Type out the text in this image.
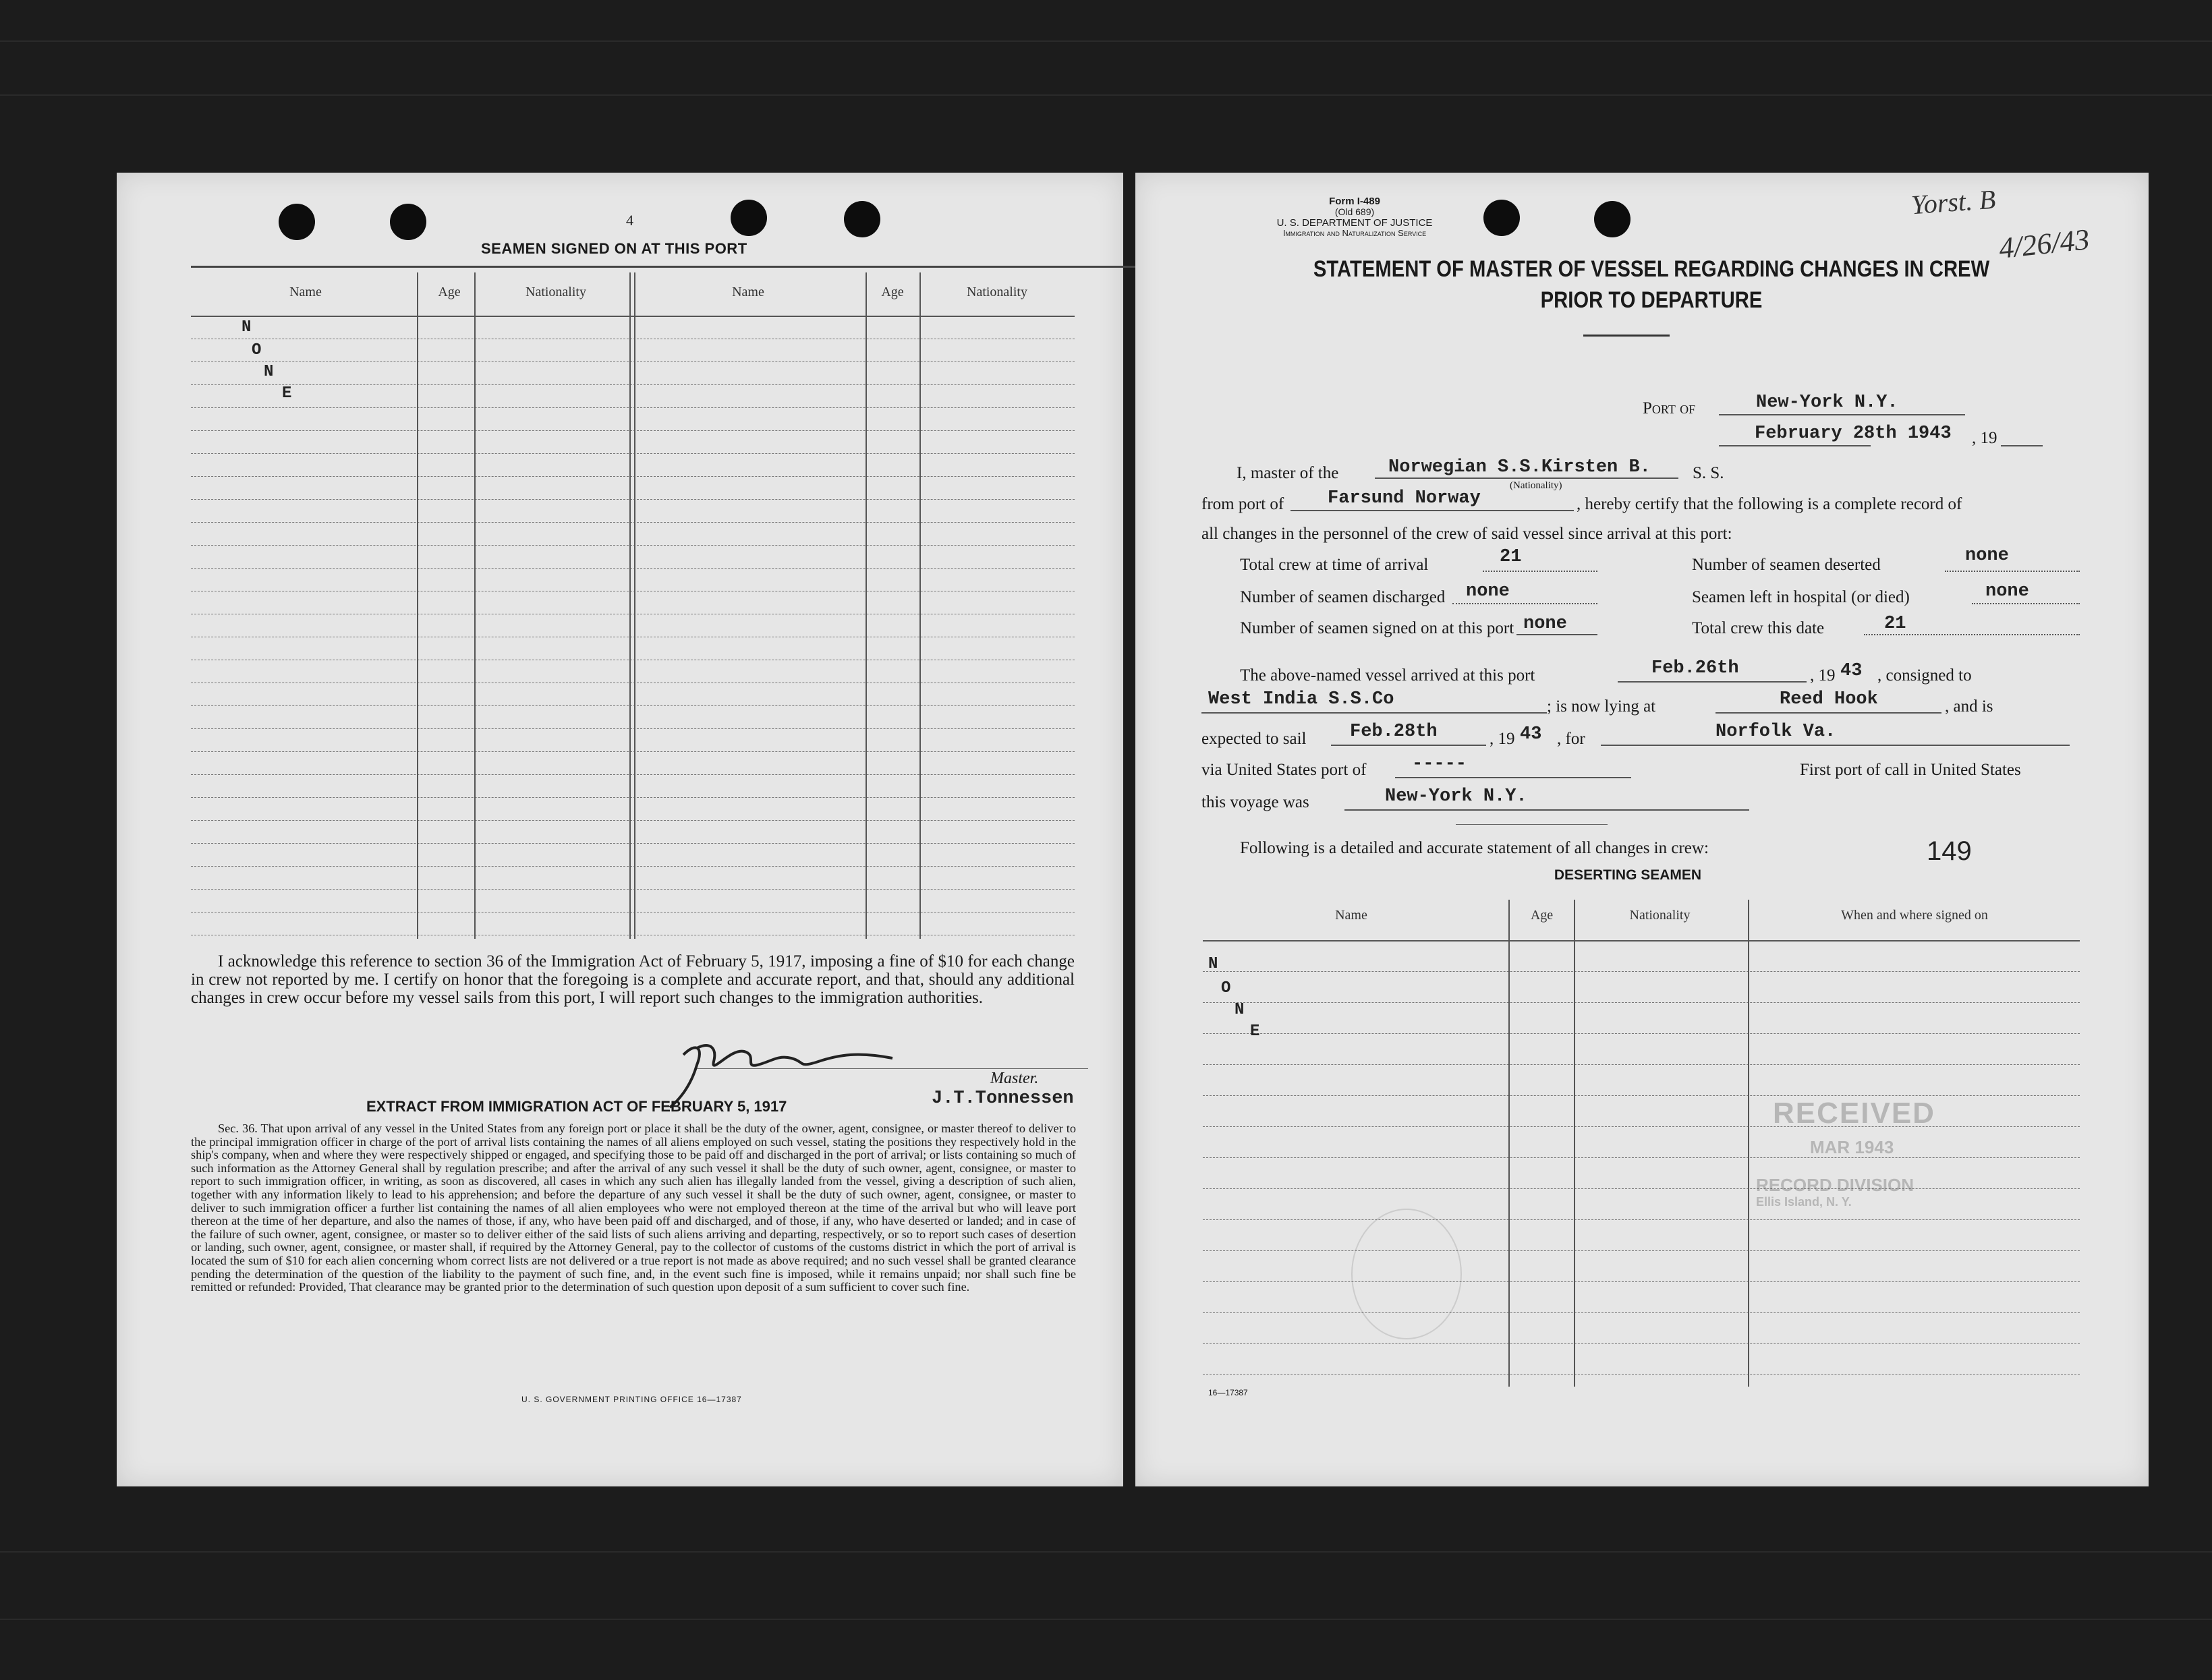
4
SEAMEN SIGNED ON AT THIS PORT
Name	Age	Nationality	Name	Age	Nationality
N
O
N
E
I acknowledge this reference to section 36 of the Immigration Act of February 5, 1917, imposing a fine of $10 for each change in crew not reported by me. I certify on honor that the foregoing is a complete and accurate report, and that, should any additional changes in crew occur before my vessel sails from this port, I will report such changes to the immigration authorities.
Master.
J.T.Tonnessen
EXTRACT FROM IMMIGRATION ACT OF FEBRUARY 5, 1917
Sec. 36. That upon arrival of any vessel in the United States from any foreign port or place it shall be the duty of the owner, agent, consignee, or master thereof to deliver to the principal immigration officer in charge of the port of arrival lists containing the names of all aliens employed on such vessel, stating the positions they respectively hold in the ship's company, when and where they were respectively shipped or engaged, and specifying those to be paid off and discharged in the port of arrival; or lists containing so much of such information as the Attorney General shall by regulation prescribe; and after the arrival of any such vessel it shall be the duty of such owner, agent, consignee, or master to report to such immigration officer, in writing, as soon as discovered, all cases in which any such alien has illegally landed from the vessel, giving a description of such alien, together with any information likely to lead to his apprehension; and before the departure of any such vessel it shall be the duty of such owner, agent, consignee, or master to deliver to such immigration officer a further list containing the names of all alien employees who were not employed thereon at the time of the arrival but who will leave port thereon at the time of her departure, and also the names of those, if any, who have been paid off and discharged, and of those, if any, who have deserted or landed; and in case of the failure of such owner, agent, consignee, or master so to deliver either of the said lists of such aliens arriving and departing, respectively, or so to report such cases of desertion or landing, such owner, agent, consignee, or master shall, if required by the Attorney General, pay to the collector of customs of the customs district in which the port of arrival is located the sum of $10 for each alien concerning whom correct lists are not delivered or a true report is not made as above required; and no such vessel shall be granted clearance pending the determination of the question of the liability to the payment of such fine, and, in the event such fine is imposed, while it remains unpaid; nor shall such fine be remitted or refunded: Provided, That clearance may be granted prior to the determination of such question upon deposit of a sum sufficient to cover such fine.
U. S. GOVERNMENT PRINTING OFFICE 16—17387
Form I-489
(Old 689)
U. S. DEPARTMENT OF JUSTICE
Immigration and Naturalization Service
Yorst. B
4/26/43
STATEMENT OF MASTER OF VESSEL REGARDING CHANGES IN CREW
PRIOR TO DEPARTURE
Port of	New-York N.Y.
February 28th 1943 , 19
I, master of the	Norwegian S.S.Kirsten B. S. S.
(Nationality)
from port of Farsund Norway	, hereby certify that the following is a complete record of
all changes in the personnel of the crew of said vessel since arrival at this port:
Total crew at time of arrival	21	Number of seamen deserted	none
Number of seamen discharged none	Seamen left in hospital (or died)	none
Number of seamen signed on at this port none	Total crew this date	21
The above-named vessel arrived at this port	Feb.26th	, 19 43 , consigned to
West India S.S.Co	; is now lying at	Reed Hook	, and is
expected to sail Feb.28th	, 19 43 , for	Norfolk Va.
via United States port of	-----	First port of call in United States
this voyage was	New-York N.Y.
Following is a detailed and accurate statement of all changes in crew:	149
DESERTING SEAMEN
Name	Age	Nationality	When and where signed on
N
O
N
E
RECEIVED
MAR 1943
RECORD DIVISION
Ellis Island, N. Y.
16—17387
